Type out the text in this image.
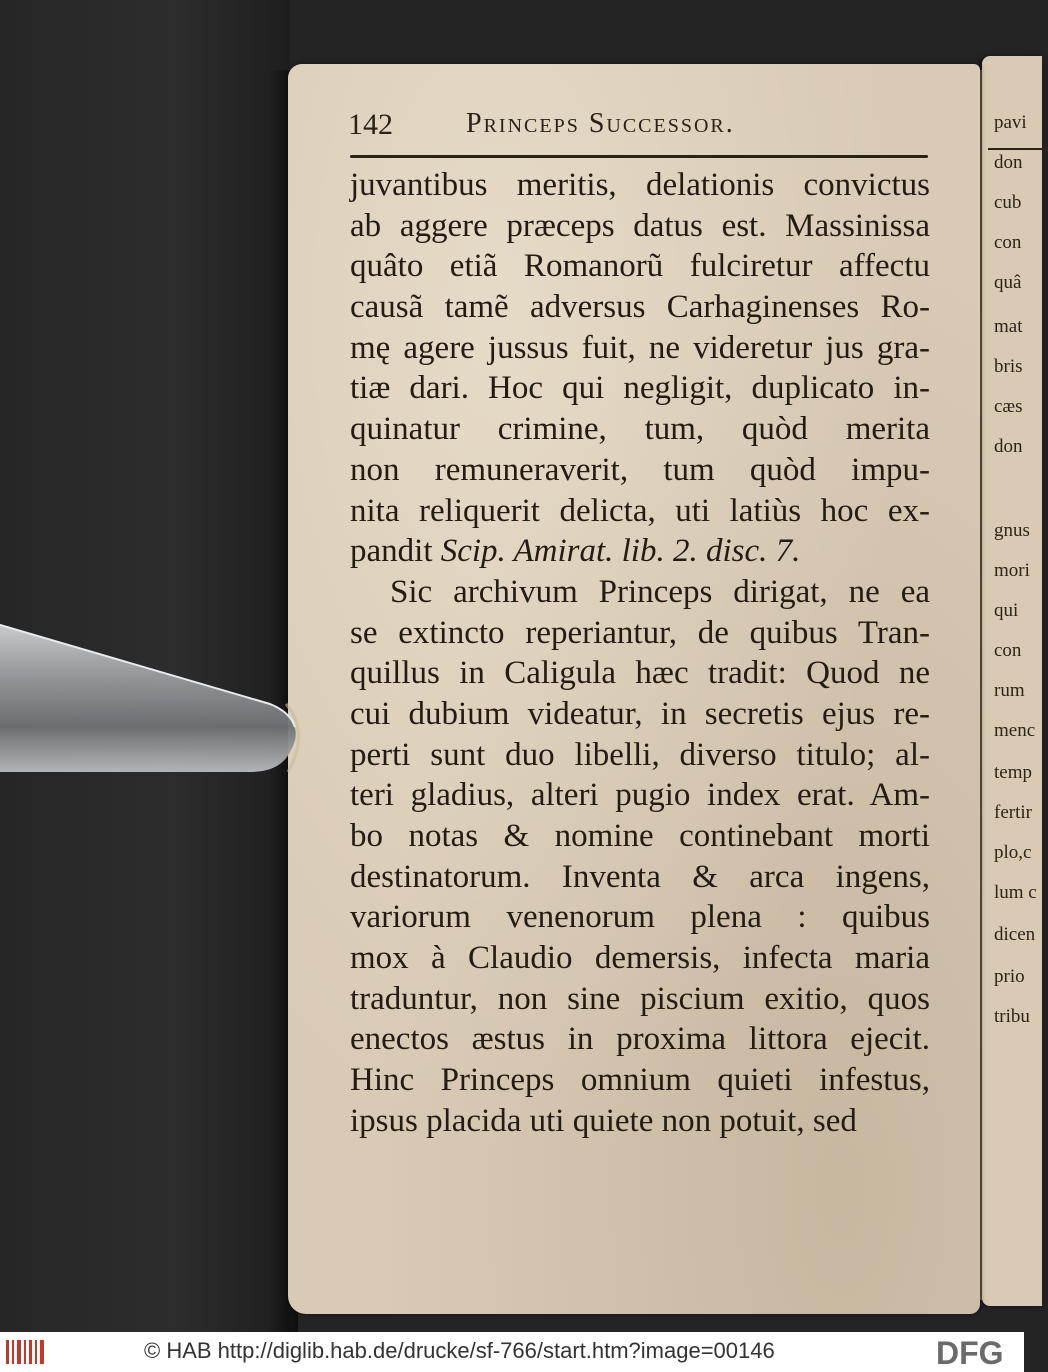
pavi
don
cub
con
quâ
mat
bris
cæs
don
gnus
mori
qui
con
rum
menc
temp
fertir
plo,c
lum c
dicen
prio
tribu
142	Princeps Successor.
juvantibus meritis, delationis convictus
ab aggere præceps datus est. Massinissa
quâto etiã Romanorũ fulciretur affectu
causã tamẽ adversus Carhaginenses Ro-
mę agere jussus fuit, ne videretur jus gra-
tiæ dari. Hoc qui negligit, duplicato in-
quinatur crimine, tum, quòd merita
non remuneraverit, tum quòd impu-
nita reliquerit delicta, uti latiùs hoc ex-
pandit Scip. Amirat. lib. 2. disc. 7.
Sic archivum Princeps dirigat, ne ea
se extincto reperiantur, de quibus Tran-
quillus in Caligula hæc tradit: Quod ne
cui dubium videatur, in secretis ejus re-
perti sunt duo libelli, diverso titulo; al-
teri gladius, alteri pugio index erat. Am-
bo notas & nomine continebant morti
destinatorum. Inventa & arca ingens,
variorum venenorum plena : quibus
mox à Claudio demersis, infecta maria
traduntur, non sine piscium exitio, quos
enectos æstus in proxima littora ejecit.
Hinc Princeps omnium quieti infestus,
ipsus placida uti quiete non potuit, sed
© HAB http://diglib.hab.de/drucke/sf-766/start.htm?image=00146	DFG
